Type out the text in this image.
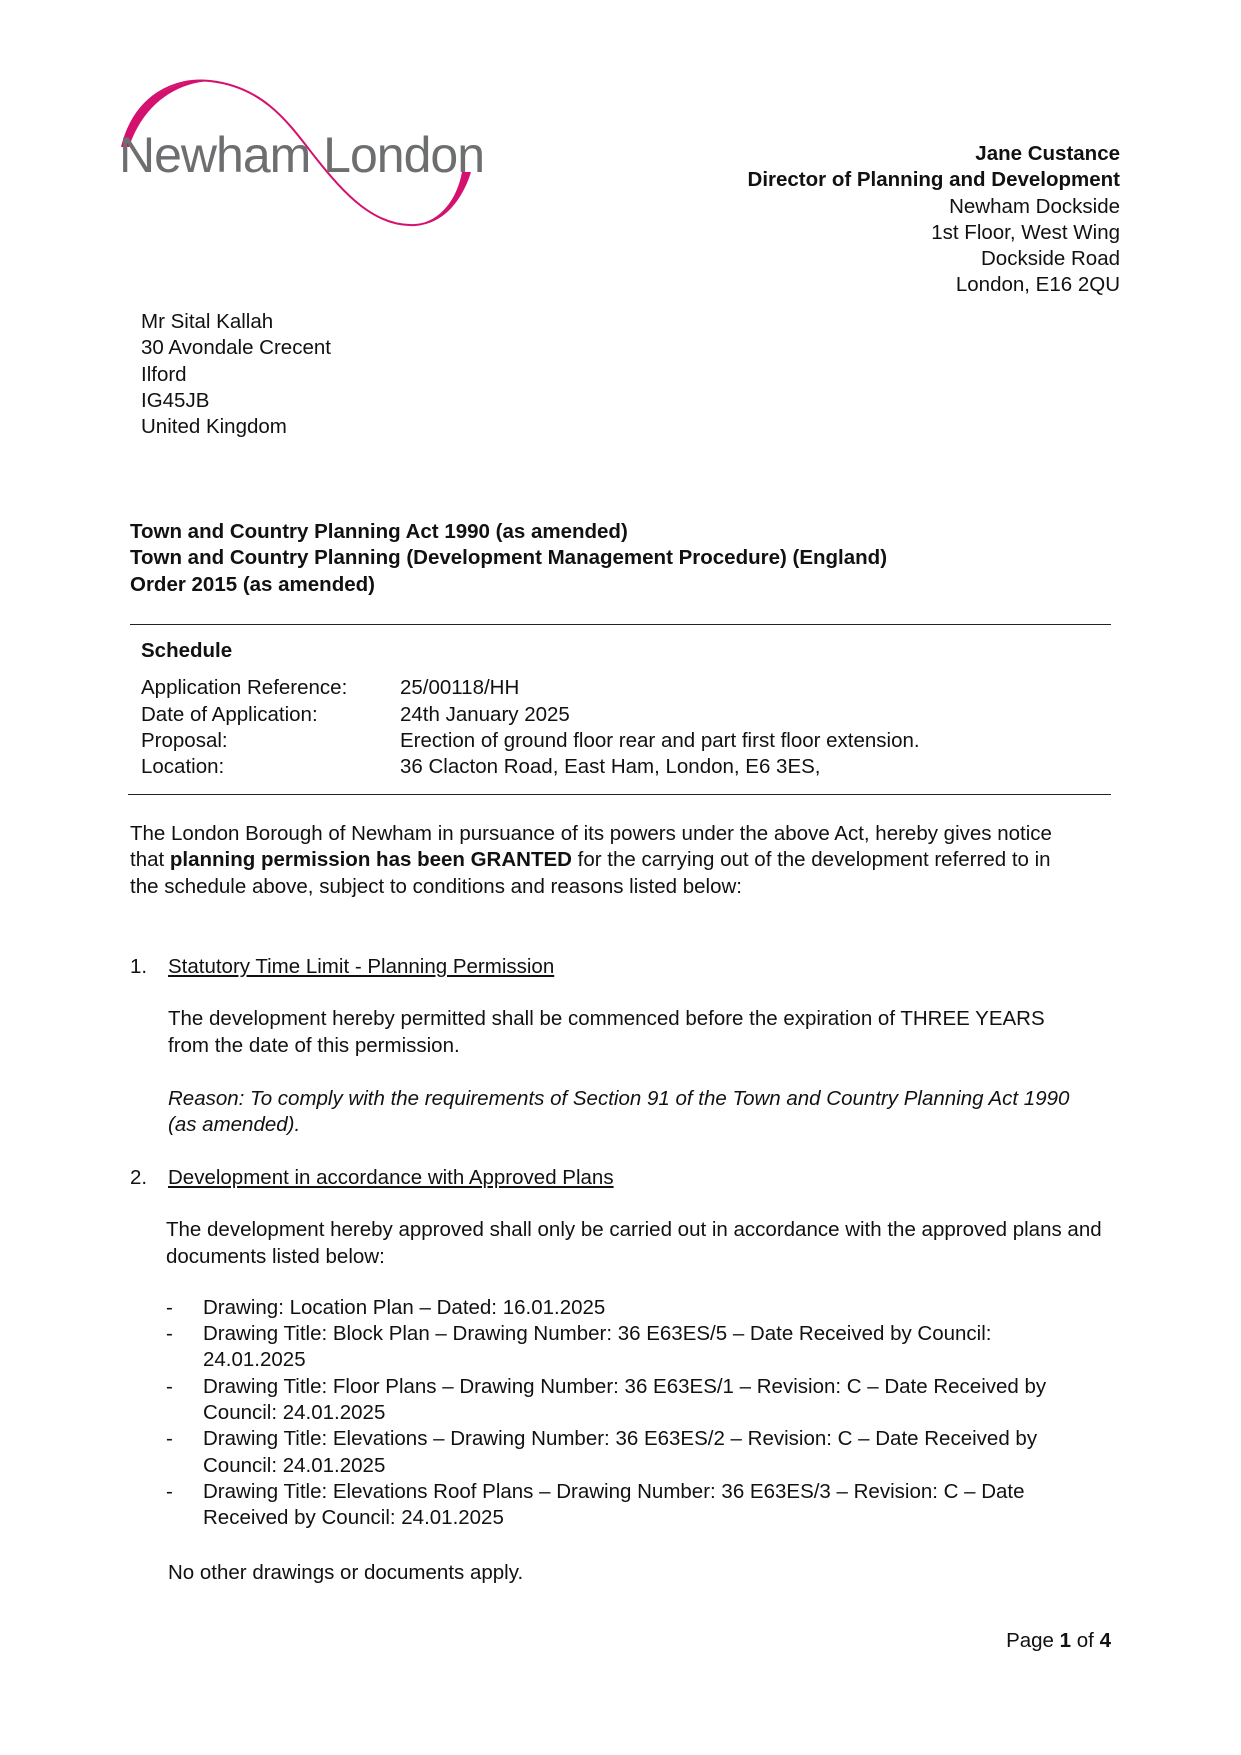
Newham London	Jane Custance
Director of Planning and Development
Newham Dockside
1st Floor, West Wing
Dockside Road
London, E16 2QU
Mr Sital Kallah
30 Avondale Crecent
Ilford
IG45JB
United Kingdom
Town and Country Planning Act 1990 (as amended)
Town and Country Planning (Development Management Procedure) (England)
Order 2015 (as amended)
Schedule
Application Reference:	25/00118/HH
Date of Application:	24th January 2025
Proposal:	Erection of ground floor rear and part first floor extension.
Location:	36 Clacton Road, East Ham, London, E6 3ES,
The London Borough of Newham in pursuance of its powers under the above Act, hereby gives notice that planning permission has been GRANTED for the carrying out of the development referred to in the schedule above, subject to conditions and reasons listed below:
1.	Statutory Time Limit - Planning Permission
The development hereby permitted shall be commenced before the expiration of THREE YEARS from the date of this permission.
Reason: To comply with the requirements of Section 91 of the Town and Country Planning Act 1990 (as amended).
2.	Development in accordance with Approved Plans
The development hereby approved shall only be carried out in accordance with the approved plans and documents listed below:
-	Drawing: Location Plan – Dated: 16.01.2025
-	Drawing Title: Block Plan – Drawing Number: 36 E63ES/5 – Date Received by Council: 24.01.2025
-	Drawing Title: Floor Plans – Drawing Number: 36 E63ES/1 – Revision: C – Date Received by Council: 24.01.2025
-	Drawing Title: Elevations – Drawing Number: 36 E63ES/2 – Revision: C – Date Received by Council: 24.01.2025
-	Drawing Title: Elevations Roof Plans – Drawing Number: 36 E63ES/3 – Revision: C – Date Received by Council: 24.01.2025
No other drawings or documents apply.
Page 1 of 4
